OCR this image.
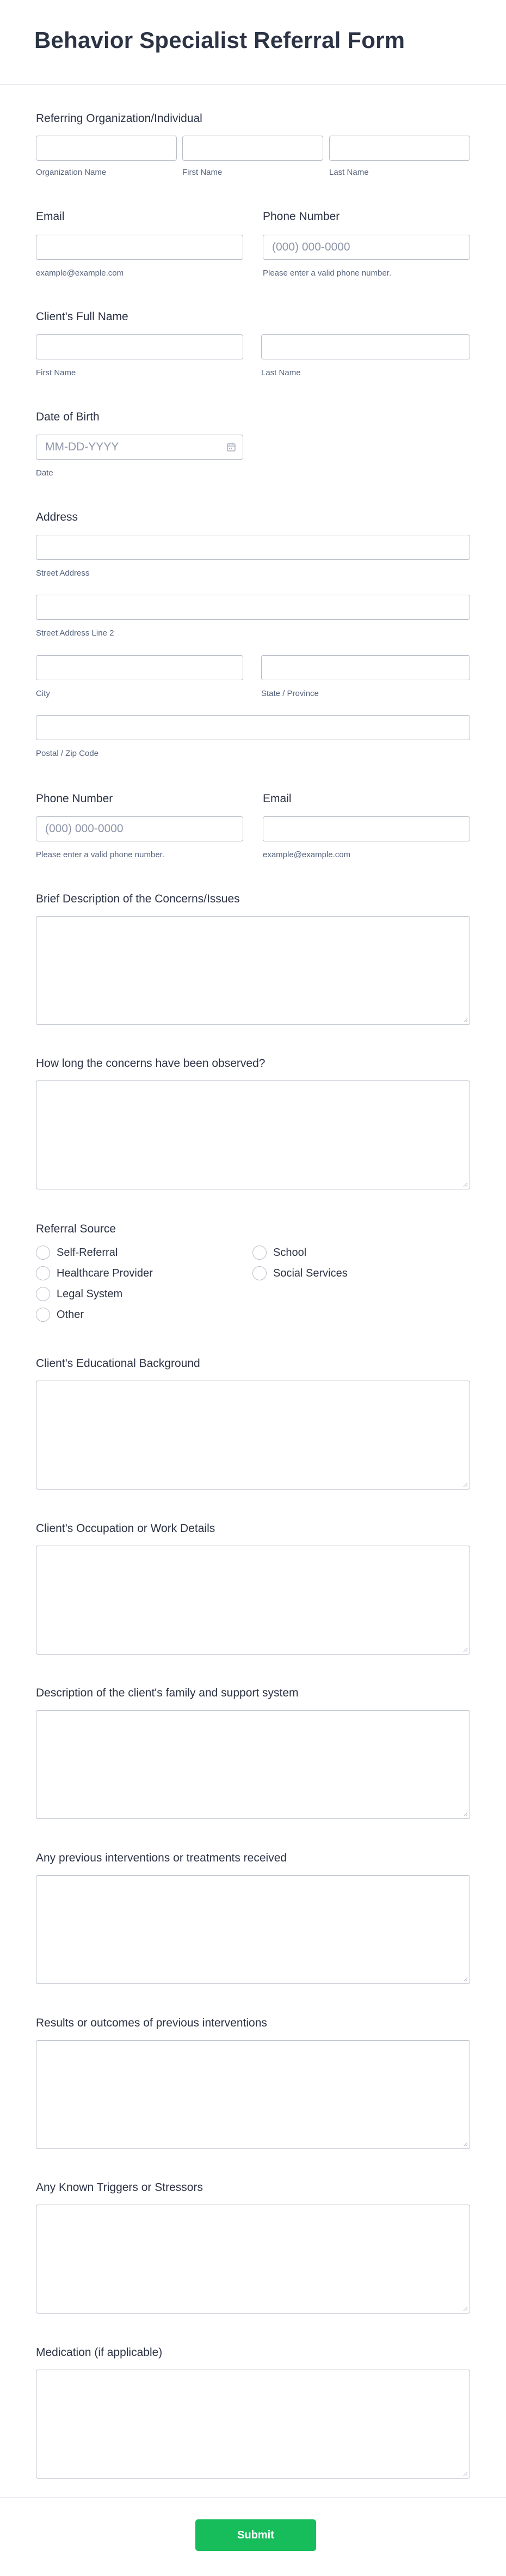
Behavior Specialist Referral Form
Referring Organization/Individual
Organization Name	First Name	Last Name
Email	Phone Number
(000) 000-0000
example@example.com	Please enter a valid phone number.
Client's Full Name
First Name	Last Name
Date of Birth
MM-DD-YYYY
Date
Address
Street Address
Street Address Line 2
City	State / Province
Postal / Zip Code
Phone Number	Email
(000) 000-0000
Please enter a valid phone number.	example@example.com
Brief Description of the Concerns/Issues
How long the concerns have been observed?
Referral Source
Self-Referral
Healthcare Provider
Legal System
Other
School
Social Services
Client's Educational Background
Client's Occupation or Work Details
Description of the client's family and support system
Any previous interventions or treatments received
Results or outcomes of previous interventions
Any Known Triggers or Stressors
Medication (if applicable)
Submit
